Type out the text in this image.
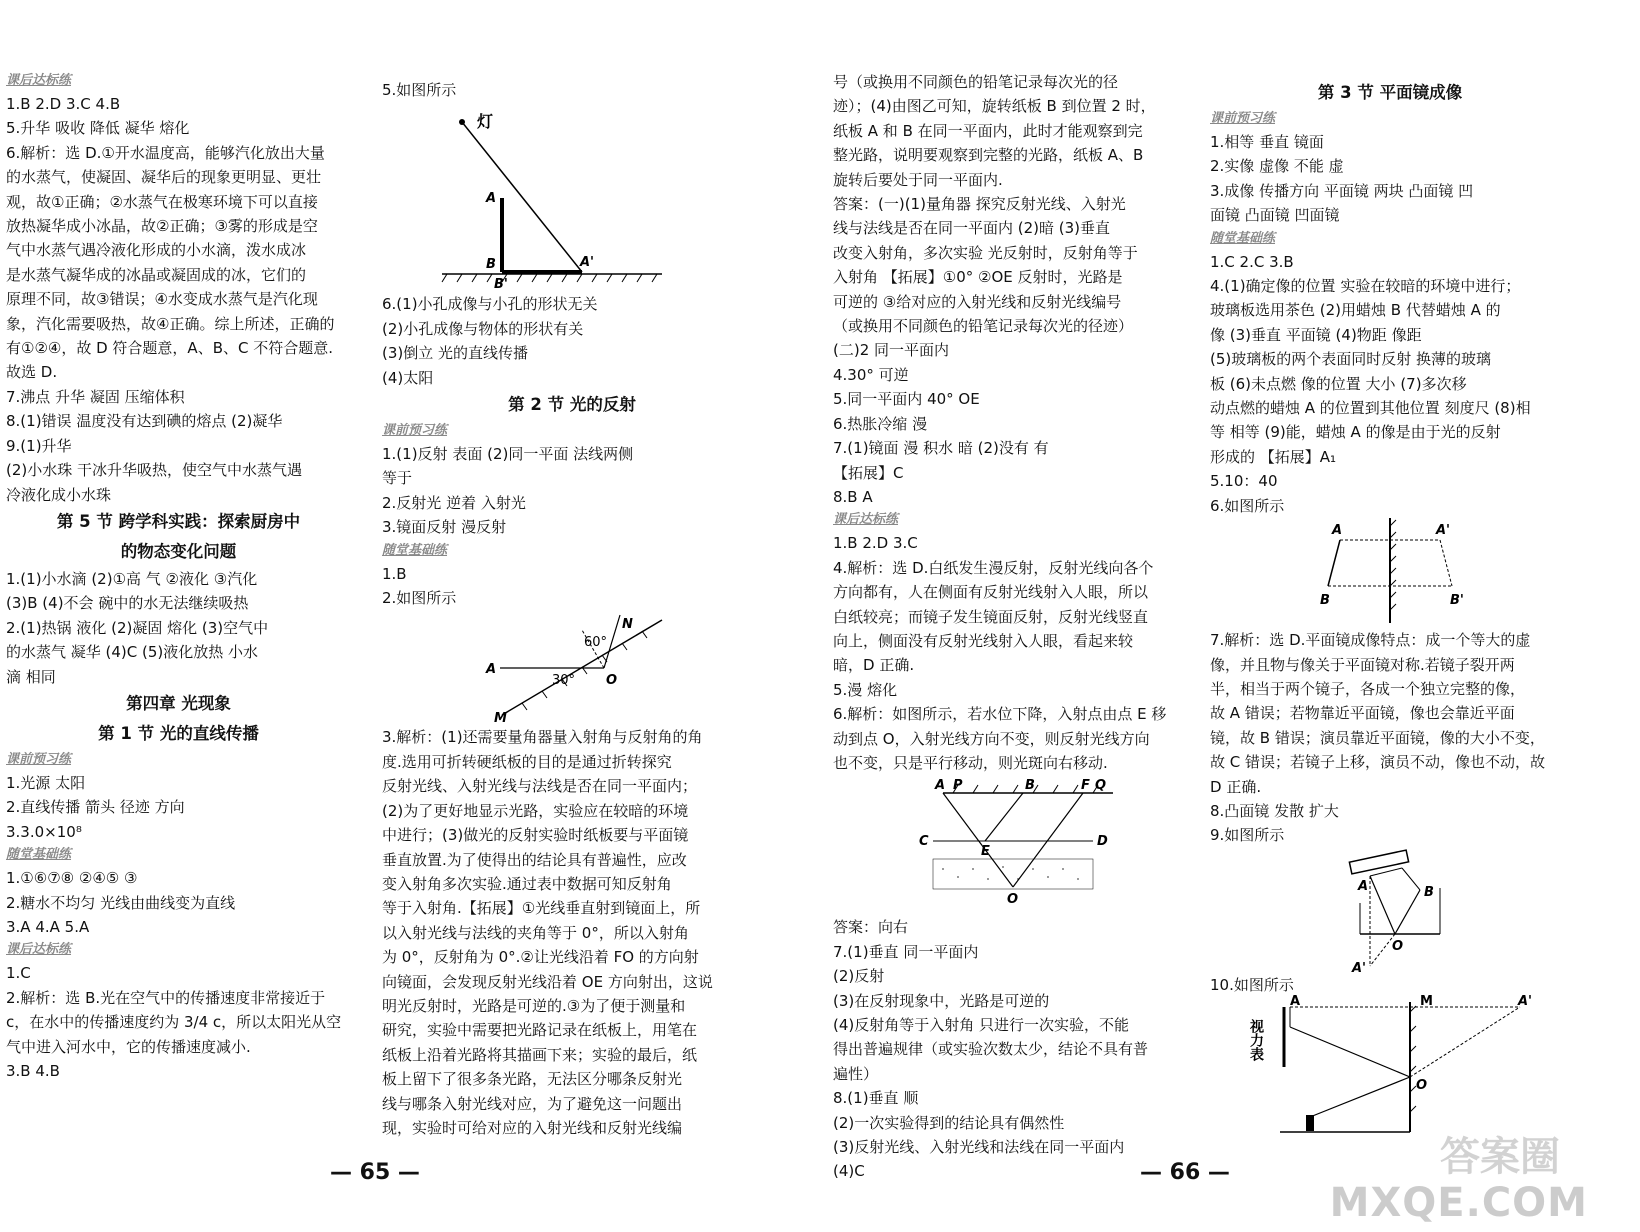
课后达标练
1.B 2.D 3.C 4.B
5.升华 吸收 降低 凝华 熔化
6.解析：选 D.①开水温度高，能够汽化放出大量
的水蒸气，使凝固、凝华后的现象更明显、更壮
观，故①正确；②水蒸气在极寒环境下可以直接
放热凝华成小冰晶，故②正确；③雾的形成是空
气中水蒸气遇冷液化形成的小水滴，泼水成冰
是水蒸气凝华成的冰晶或凝固成的冰，它们的
原理不同，故③错误；④水变成水蒸气是汽化现
象，汽化需要吸热，故④正确。综上所述，正确的
有①②④，故 D 符合题意，A、B、C 不符合题意.
故选 D.
7.沸点 升华 凝固 压缩体积
8.(1)错误 温度没有达到碘的熔点 (2)凝华
9.(1)升华
(2)小水珠 干冰升华吸热，使空气中水蒸气遇
冷液化成小水珠
第 5 节 跨学科实践：探索厨房中
的物态变化问题
1.(1)小水滴 (2)①高 气 ②液化 ③汽化
(3)B (4)不会 碗中的水无法继续吸热
2.(1)热锅 液化 (2)凝固 熔化 (3)空气中
的水蒸气 凝华 (4)C (5)液化放热 小水
滴 相同
第四章 光现象
第 1 节 光的直线传播
课前预习练
1.光源 太阳
2.直线传播 箭头 径迹 方向
3.3.0×10⁸
随堂基础练
1.①⑥⑦⑧ ②④⑤ ③
2.糖水不均匀 光线由曲线变为直线
3.A 4.A 5.A
课后达标练
1.C
2.解析：选 B.光在空气中的传播速度非常接近于
c，在水中的传播速度约为 3/4 c，所以太阳光从空
气中进入河水中，它的传播速度减小.
3.B 4.B
5.如图所示
灯
A
B
B'
A'
6.(1)小孔成像与小孔的形状无关
(2)小孔成像与物体的形状有关
(3)倒立 光的直线传播
(4)太阳
第 2 节 光的反射
课前预习练
1.(1)反射 表面 (2)同一平面 法线两侧
等于
2.反射光 逆着 入射光
3.镜面反射 漫反射
随堂基础练
1.B
2.如图所示
A
N
O
M
60°
30°
3.解析：(1)还需要量角器量入射角与反射角的角
度.选用可折转硬纸板的目的是通过折转探究
反射光线、入射光线与法线是否在同一平面内；
(2)为了更好地显示光路，实验应在较暗的环境
中进行；(3)做光的反射实验时纸板要与平面镜
垂直放置.为了使得出的结论具有普遍性，应改
变入射角多次实验.通过表中数据可知反射角
等于入射角.【拓展】①光线垂直射到镜面上，所
以入射光线与法线的夹角等于 0°，所以入射角
为 0°，反射角为 0°.②让光线沿着 FO 的方向射
向镜面，会发现反射光线沿着 OE 方向射出，这说
明光反射时，光路是可逆的.③为了便于测量和
研究，实验中需要把光路记录在纸板上，用笔在
纸板上沿着光路将其描画下来；实验的最后，纸
板上留下了很多条光路，无法区分哪条反射光
线与哪条入射光线对应，为了避免这一问题出
现，实验时可给对应的入射光线和反射光线编
号（或换用不同颜色的铅笔记录每次光的径
迹）；(4)由图乙可知，旋转纸板 B 到位置 2 时，
纸板 A 和 B 在同一平面内，此时才能观察到完
整光路，说明要观察到完整的光路，纸板 A、B
旋转后要处于同一平面内.
答案：(一)(1)量角器 探究反射光线、入射光
线与法线是否在同一平面内 (2)暗 (3)垂直
改变入射角，多次实验 光反射时，反射角等于
入射角 【拓展】①0° ②OE 反射时，光路是
可逆的 ③给对应的入射光线和反射光线编号
（或换用不同颜色的铅笔记录每次光的径迹）
(二)2 同一平面内
4.30° 可逆
5.同一平面内 40° OE
6.热胀冷缩 漫
7.(1)镜面 漫 积水 暗 (2)没有 有
【拓展】C
8.B A
课后达标练
1.B 2.D 3.C
4.解析：选 D.白纸发生漫反射，反射光线向各个
方向都有，人在侧面有反射光线射入人眼，所以
白纸较亮；而镜子发生镜面反射，反射光线竖直
向上，侧面没有反射光线射入人眼，看起来较
暗，D 正确.
5.漫 熔化
6.解析：如图所示，若水位下降，入射点由点 E 移
动到点 O，入射光线方向不变，则反射光线方向
也不变，只是平行移动，则光斑向右移动.
A P	B	F Q
C
E
D
O
答案：向右
7.(1)垂直 同一平面内
(2)反射
(3)在反射现象中，光路是可逆的
(4)反射角等于入射角 只进行一次实验，不能
得出普遍规律（或实验次数太少，结论不具有普
遍性）
8.(1)垂直 顺
(2)一次实验得到的结论具有偶然性
(3)反射光线、入射光线和法线在同一平面内
(4)C
第 3 节 平面镜成像
课前预习练
1.相等 垂直 镜面
2.实像 虚像 不能 虚
3.成像 传播方向 平面镜 两块 凸面镜 凹
面镜 凸面镜 凹面镜
随堂基础练
1.C 2.C 3.B
4.(1)确定像的位置 实验在较暗的环境中进行；
玻璃板选用茶色 (2)用蜡烛 B 代替蜡烛 A 的
像 (3)垂直 平面镜 (4)物距 像距
(5)玻璃板的两个表面同时反射 换薄的玻璃
板 (6)未点燃 像的位置 大小 (7)多次移
动点燃的蜡烛 A 的位置到其他位置 刻度尺 (8)相
等 相等 (9)能，蜡烛 A 的像是由于光的反射
形成的 【拓展】A₁
5.10：40
6.如图所示
A	A'
B	B'
7.解析：选 D.平面镜成像特点：成一个等大的虚
像，并且物与像关于平面镜对称.若镜子裂开两
半，相当于两个镜子，各成一个独立完整的像，
故 A 错误；若物靠近平面镜，像也会靠近平面
镜，故 B 错误；演员靠近平面镜，像的大小不变，
故 C 错误；若镜子上移，演员不动，像也不动，故
D 正确.
8.凸面镜 发散 扩大
9.如图所示
A	B
O
A'
10.如图所示
视力表
A	M	A'
O
— 65 —	— 66 —	答案圈
MXQE.COM
